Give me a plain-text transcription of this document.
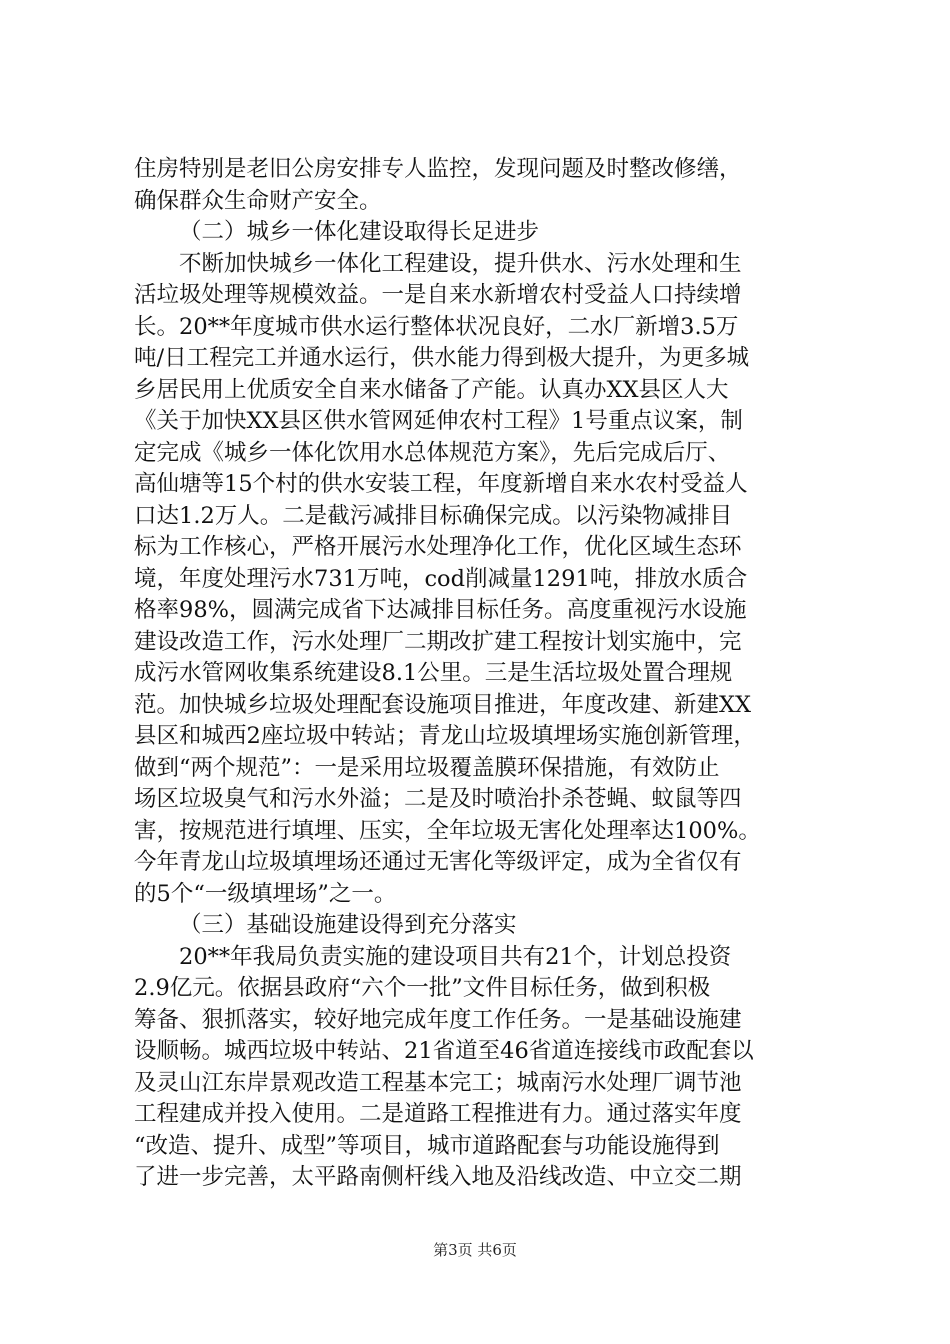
住房特别是老旧公房安排专人监控，发现问题及时整改修缮，
确保群众生命财产安全。
（二）城乡一体化建设取得长足进步
不断加快城乡一体化工程建设，提升供水、污水处理和生
活垃圾处理等规模效益。一是自来水新增农村受益人口持续增
长。20**年度城市供水运行整体状况良好，二水厂新增3.5万
吨/日工程完工并通水运行，供水能力得到极大提升，为更多城
乡居民用上优质安全自来水储备了产能。认真办XX县区人大
《关于加快XX县区供水管网延伸农村工程》1号重点议案，制
定完成《城乡一体化饮用水总体规范方案》，先后完成后厅、
高仙塘等15个村的供水安装工程，年度新增自来水农村受益人
口达1.2万人。二是截污减排目标确保完成。以污染物减排目
标为工作核心，严格开展污水处理净化工作，优化区域生态环
境，年度处理污水731万吨，cod削减量1291吨，排放水质合
格率98%，圆满完成省下达减排目标任务。高度重视污水设施
建设改造工作，污水处理厂二期改扩建工程按计划实施中，完
成污水管网收集系统建设8.1公里。三是生活垃圾处置合理规
范。加快城乡垃圾处理配套设施项目推进，年度改建、新建XX
县区和城西2座垃圾中转站；青龙山垃圾填埋场实施创新管理，
做到“两个规范”：一是采用垃圾覆盖膜环保措施，有效防止
场区垃圾臭气和污水外溢；二是及时喷治扑杀苍蝇、蚊鼠等四
害，按规范进行填埋、压实，全年垃圾无害化处理率达100%。
今年青龙山垃圾填埋场还通过无害化等级评定，成为全省仅有
的5个“一级填埋场”之一。
（三）基础设施建设得到充分落实
20**年我局负责实施的建设项目共有21个，计划总投资
2.9亿元。依据县政府“六个一批”文件目标任务，做到积极
筹备、狠抓落实，较好地完成年度工作任务。一是基础设施建
设顺畅。城西垃圾中转站、21省道至46省道连接线市政配套以
及灵山江东岸景观改造工程基本完工；城南污水处理厂调节池
工程建成并投入使用。二是道路工程推进有力。通过落实年度
“改造、提升、成型”等项目，城市道路配套与功能设施得到
了进一步完善，太平路南侧杆线入地及沿线改造、中立交二期
第3页 共6页
